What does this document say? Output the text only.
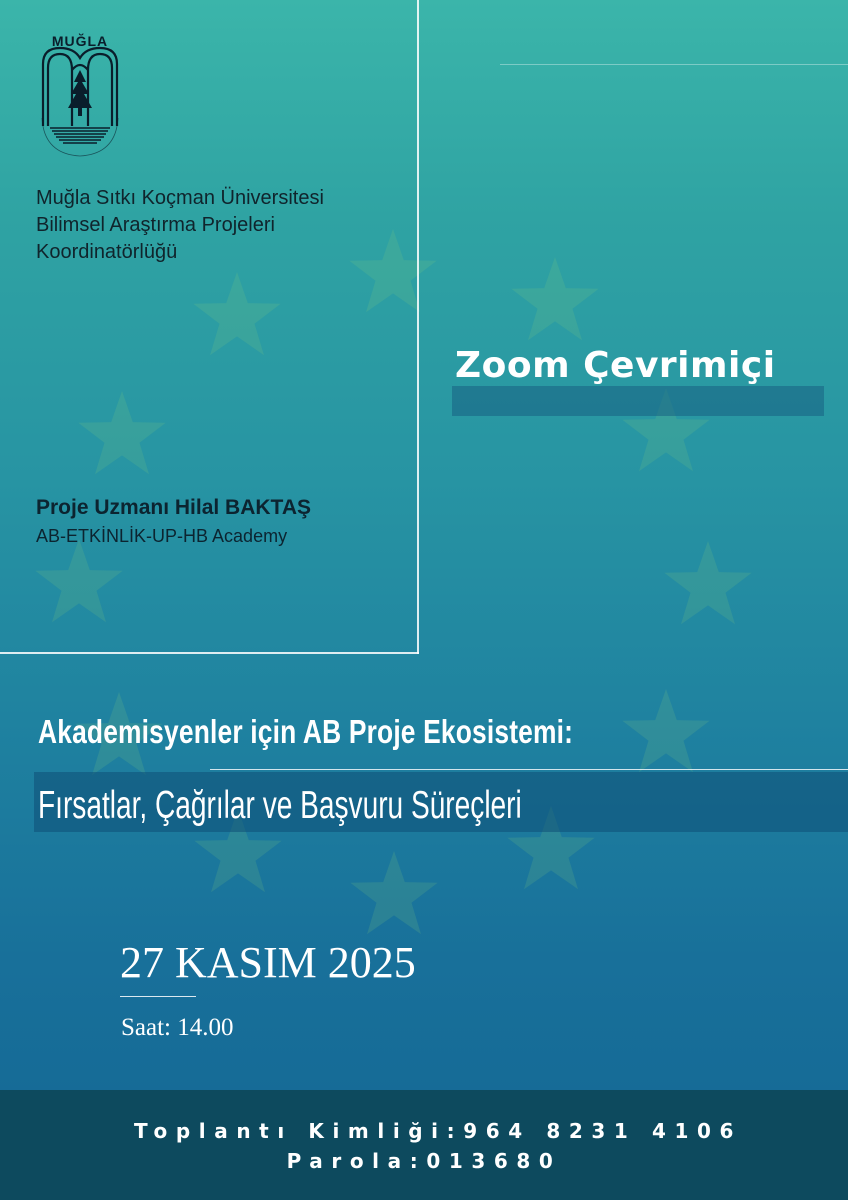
MUĞLA
Muğla Sıtkı Koçman Üniversitesi
Bilimsel Araştırma Projeleri
Koordinatörlüğü
Zoom Çevrimiçi
Proje Uzmanı Hilal BAKTAŞ
AB-ETKİNLİK-UP-HB Academy
Akademisyenler için AB Proje Ekosistemi:
Fırsatlar, Çağrılar ve Başvuru Süreçleri
27 KASIM 2025
Saat: 14.00
Toplantı Kimliği:964 8231 4106
Parola:013680
